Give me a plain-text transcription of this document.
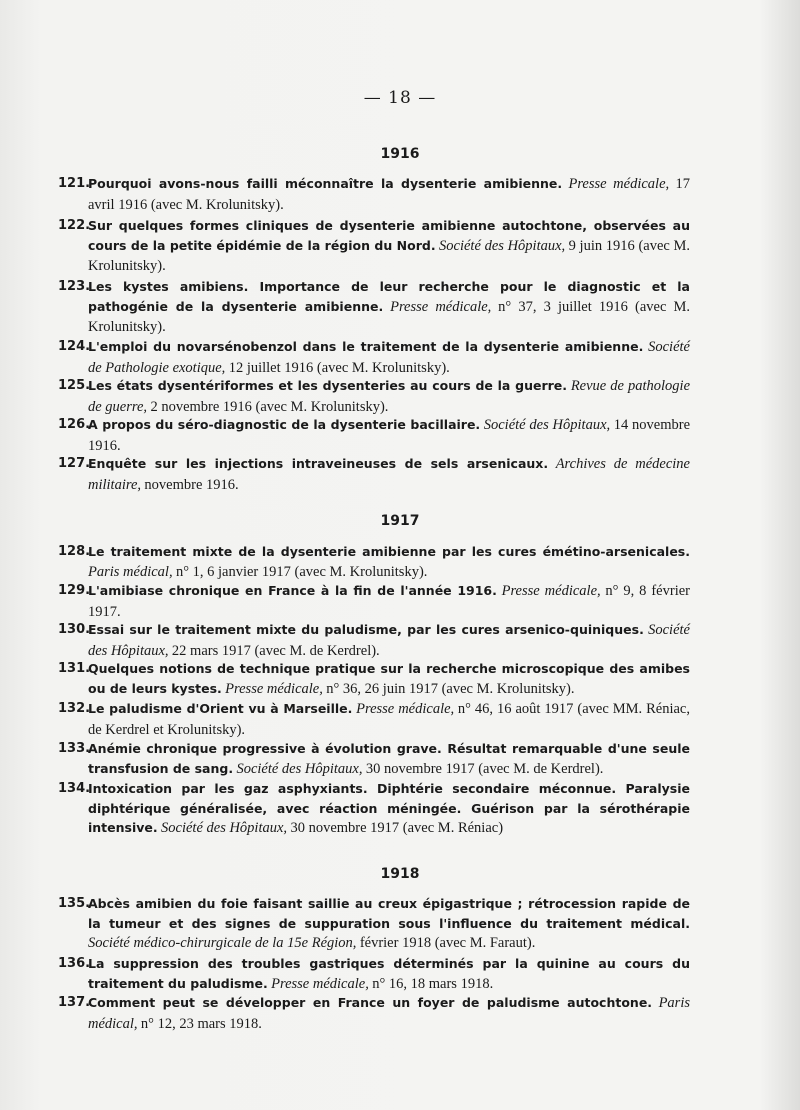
— 18 —
1916
121.
Pourquoi avons-nous failli méconnaître la dysenterie amibienne. Presse médicale, 17 avril 1916 (avec M. Krolunitsky).
122.
Sur quelques formes cliniques de dysenterie amibienne autochtone, observées au cours de la petite épidémie de la région du Nord. Société des Hôpitaux, 9 juin 1916 (avec M. Krolunitsky).
123.
Les kystes amibiens. Importance de leur recherche pour le diagnostic et la pathogénie de la dysenterie amibienne. Presse médicale, n° 37, 3 juillet 1916 (avec M. Krolunitsky).
124.
L'emploi du novarsénobenzol dans le traitement de la dysenterie amibienne. Société de Pathologie exotique, 12 juillet 1916 (avec M. Krolunitsky).
125.
Les états dysentériformes et les dysenteries au cours de la guerre. Revue de pathologie de guerre, 2 novembre 1916 (avec M. Krolunitsky).
126.
A propos du séro-diagnostic de la dysenterie bacillaire. Société des Hôpitaux, 14 novembre 1916.
127.
Enquête sur les injections intraveineuses de sels arsenicaux. Archives de médecine militaire, novembre 1916.
1917
128.
Le traitement mixte de la dysenterie amibienne par les cures émétino-arsenicales. Paris médical, n° 1, 6 janvier 1917 (avec M. Krolunitsky).
129.
L'amibiase chronique en France à la fin de l'année 1916. Presse médicale, n° 9, 8 février 1917.
130.
Essai sur le traitement mixte du paludisme, par les cures arsenico-quiniques. Société des Hôpitaux, 22 mars 1917 (avec M. de Kerdrel).
131.
Quelques notions de technique pratique sur la recherche microscopique des amibes ou de leurs kystes. Presse médicale, n° 36, 26 juin 1917 (avec M. Krolunitsky).
132.
Le paludisme d'Orient vu à Marseille. Presse médicale, n° 46, 16 août 1917 (avec MM. Réniac, de Kerdrel et Krolunitsky).
133.
Anémie chronique progressive à évolution grave. Résultat remarquable d'une seule transfusion de sang. Société des Hôpitaux, 30 novembre 1917 (avec M. de Kerdrel).
134.
Intoxication par les gaz asphyxiants. Diphtérie secondaire méconnue. Paralysie diphtérique généralisée, avec réaction méningée. Guérison par la sérothérapie intensive. Société des Hôpitaux, 30 novembre 1917 (avec M. Réniac)
1918
135.
Abcès amibien du foie faisant saillie au creux épigastrique ; rétrocession rapide de la tumeur et des signes de suppuration sous l'influence du traitement médical. Société médico-chirurgicale de la 15e Région, février 1918 (avec M. Faraut).
136.
La suppression des troubles gastriques déterminés par la quinine au cours du traitement du paludisme. Presse médicale, n° 16, 18 mars 1918.
137.
Comment peut se développer en France un foyer de paludisme autochtone. Paris médical, n° 12, 23 mars 1918.
